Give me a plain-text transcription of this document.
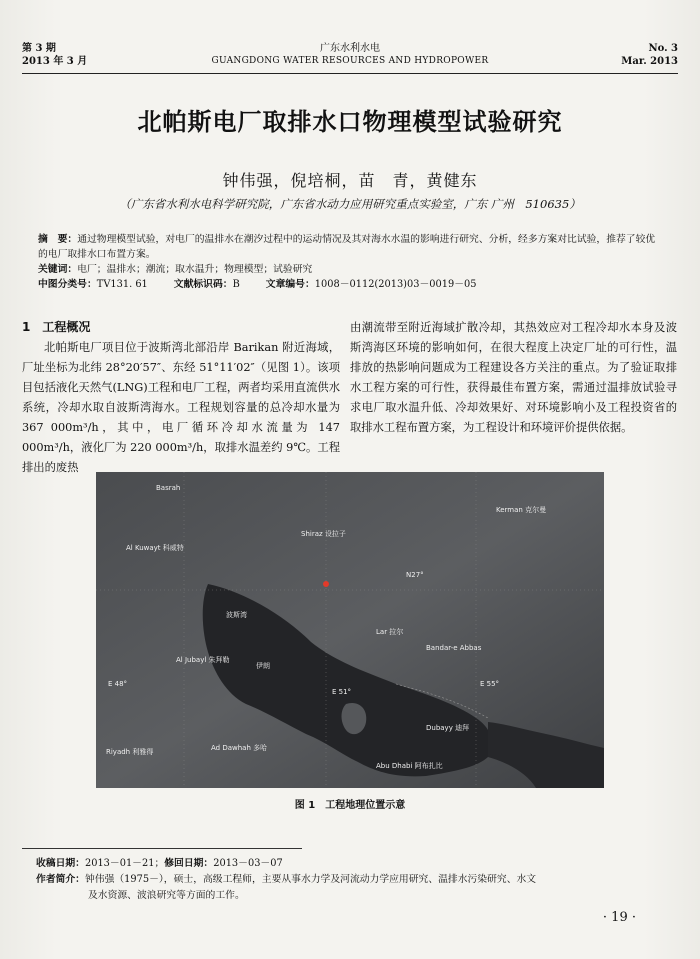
第 3 期
2013 年 3 月
广东水利水电
GUANGDONG WATER RESOURCES AND HYDROPOWER
No. 3
Mar. 2013
北帕斯电厂取排水口物理模型试验研究
钟伟强，倪培桐，苗　青，黄健东
（广东省水利水电科学研究院，广东省水动力应用研究重点实验室，广东 广州　510635）
摘　要：通过物理模型试验，对电厂的温排水在潮汐过程中的运动情况及其对海水水温的影响进行研究、分析，经多方案对比试验，推荐了较优的电厂取排水口布置方案。
关键词：电厂；温排水；潮流；取水温升；物理模型；试验研究
中图分类号：TV131. 61	文献标识码：B	文章编号：1008－0112(2013)03－0019－05
1　工程概况
北帕斯电厂项目位于波斯湾北部沿岸 Barikan 附近海域，厂址坐标为北纬 28°20′57″、东经 51°11′02″（见图 1）。该项目包括液化天然气(LNG)工程和电厂工程，两者均采用直流供水系统，冷却水取自波斯湾海水。工程规划容量的总冷却水量为 367 000m³/h，其中，电厂循环冷却水流量为 147 000m³/h，液化厂为 220 000m³/h，取排水温差约 9℃。工程排出的废热
由潮流带至附近海域扩散冷却，其热效应对工程冷却水本身及波斯湾海区环境的影响如何，在很大程度上决定厂址的可行性，温排放的热影响问题成为工程建设各方关注的重点。为了验证取排水工程方案的可行性，获得最佳布置方案，需通过温排放试验寻求电厂取水温升低、冷却效果好、对环境影响小及工程投资省的取排水工程布置方案，为工程设计和环境评价提供依据。
Basrah
Al Kuwayt 科威特
Shiraz 设拉子
Kerman 克尔曼
波斯湾
Al Jubayl 朱拜勒
Lar 拉尔
Bandar-e Abbas
Dubayy 迪拜
Abu Dhabi 阿布扎比
Ad Dawhah 多哈
Riyadh 利雅得
N27°
E 51°
E 48°	E 55°
伊朗
图 1　工程地理位置示意
收稿日期：2013－01－21；修回日期：2013－03－07
作者简介：钟伟强（1975－），硕士，高级工程师，主要从事水力学及河流动力学应用研究、温排水污染研究、水文
及水资源、波浪研究等方面的工作。
· 19 ·
